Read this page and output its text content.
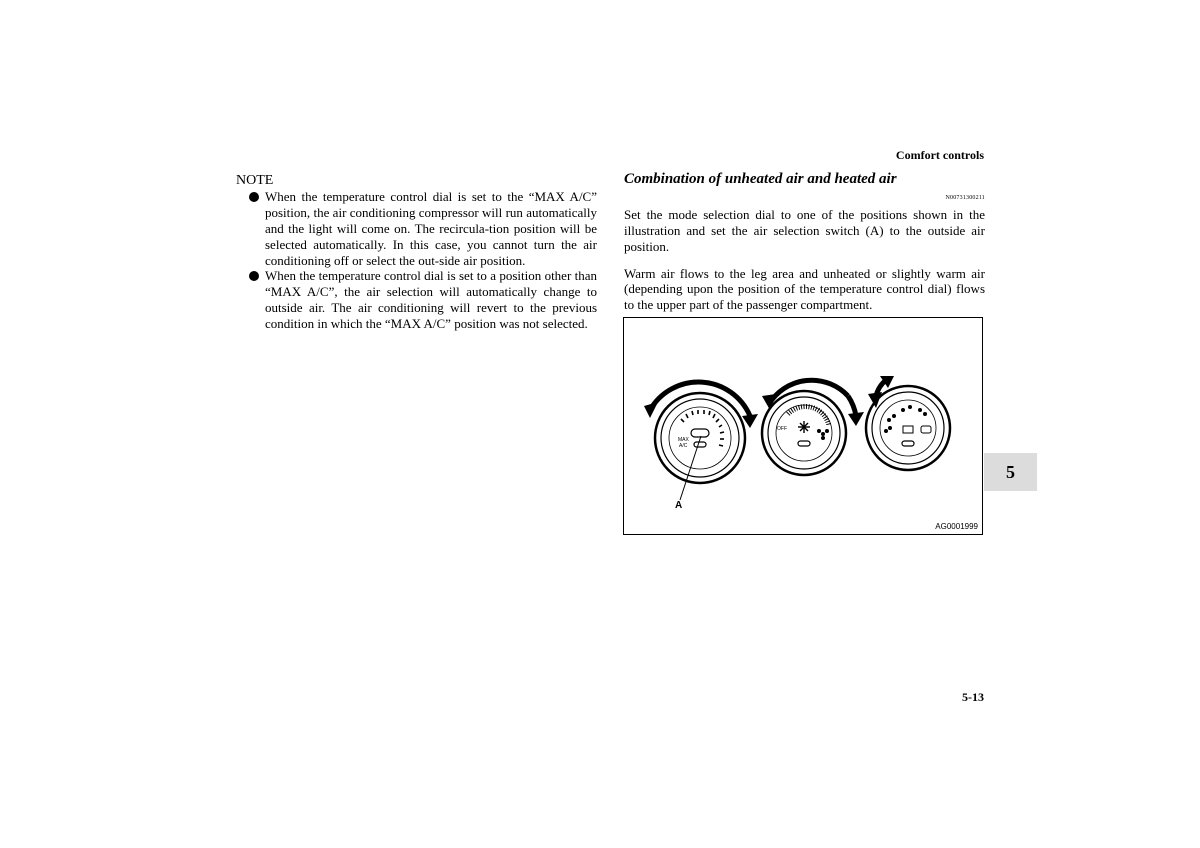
Comfort controls
NOTE
When the temperature control dial is set to the “MAX A/C” position, the air conditioning compressor will run automatically and the light will come on. The recircula-tion position will be selected automatically. In this case, you cannot turn the air conditioning off or select the out-side air position.
When the temperature control dial is set to a position other than “MAX A/C”, the air selection will automatically change to outside air. The air conditioning will revert to the previous condition in which the “MAX A/C” position was not selected.
Combination of unheated air and heated air
N00731300211

Set the mode selection dial to one of the positions shown in the illustration and set the air selection switch (A) to the outside air position.

Warm air flows to the leg area and unheated or slightly warm air (depending upon the position of the temperature control dial) flows to the upper part of the passenger compartment.

MAX
A/C
OFF
A
AG0001999
5
5-13
